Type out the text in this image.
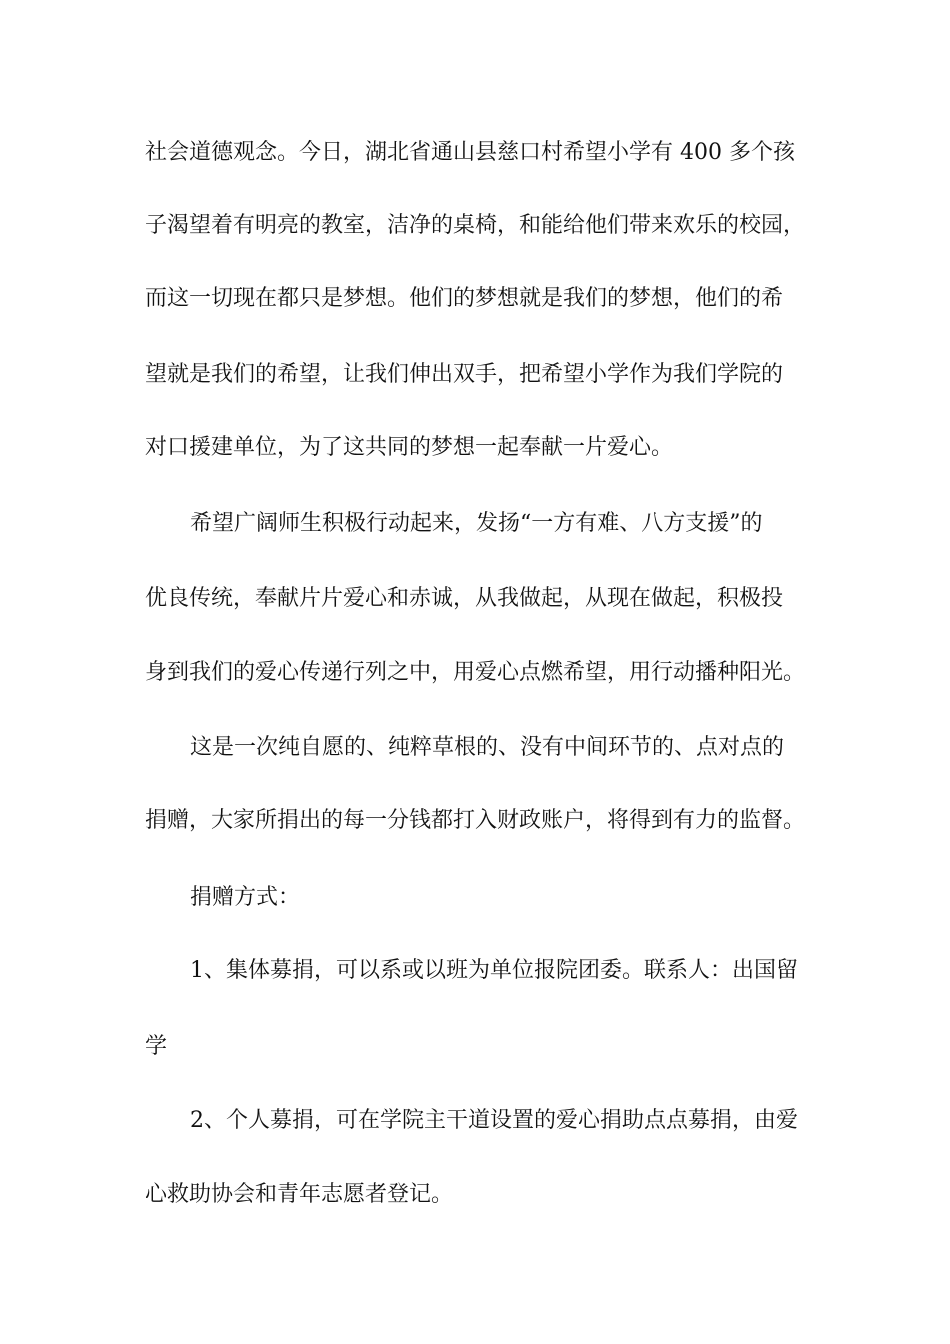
社会道德观念。今日，湖北省通山县慈口村希望小学有 400 多个孩
子渴望着有明亮的教室，洁净的桌椅，和能给他们带来欢乐的校园，
而这一切现在都只是梦想。他们的梦想就是我们的梦想，他们的希
望就是我们的希望，让我们伸出双手，把希望小学作为我们学院的
对口援建单位，为了这共同的梦想一起奉献一片爱心。
希望广阔师生积极行动起来，发扬“一方有难、八方支援”的
优良传统，奉献片片爱心和赤诚，从我做起，从现在做起，积极投
身到我们的爱心传递行列之中，用爱心点燃希望，用行动播种阳光。
这是一次纯自愿的、纯粹草根的、没有中间环节的、点对点的
捐赠，大家所捐出的每一分钱都打入财政账户，将得到有力的监督。
捐赠方式：
1、集体募捐，可以系或以班为单位报院团委。联系人：出国留
学
2、个人募捐，可在学院主干道设置的爱心捐助点点募捐，由爱
心救助协会和青年志愿者登记。
